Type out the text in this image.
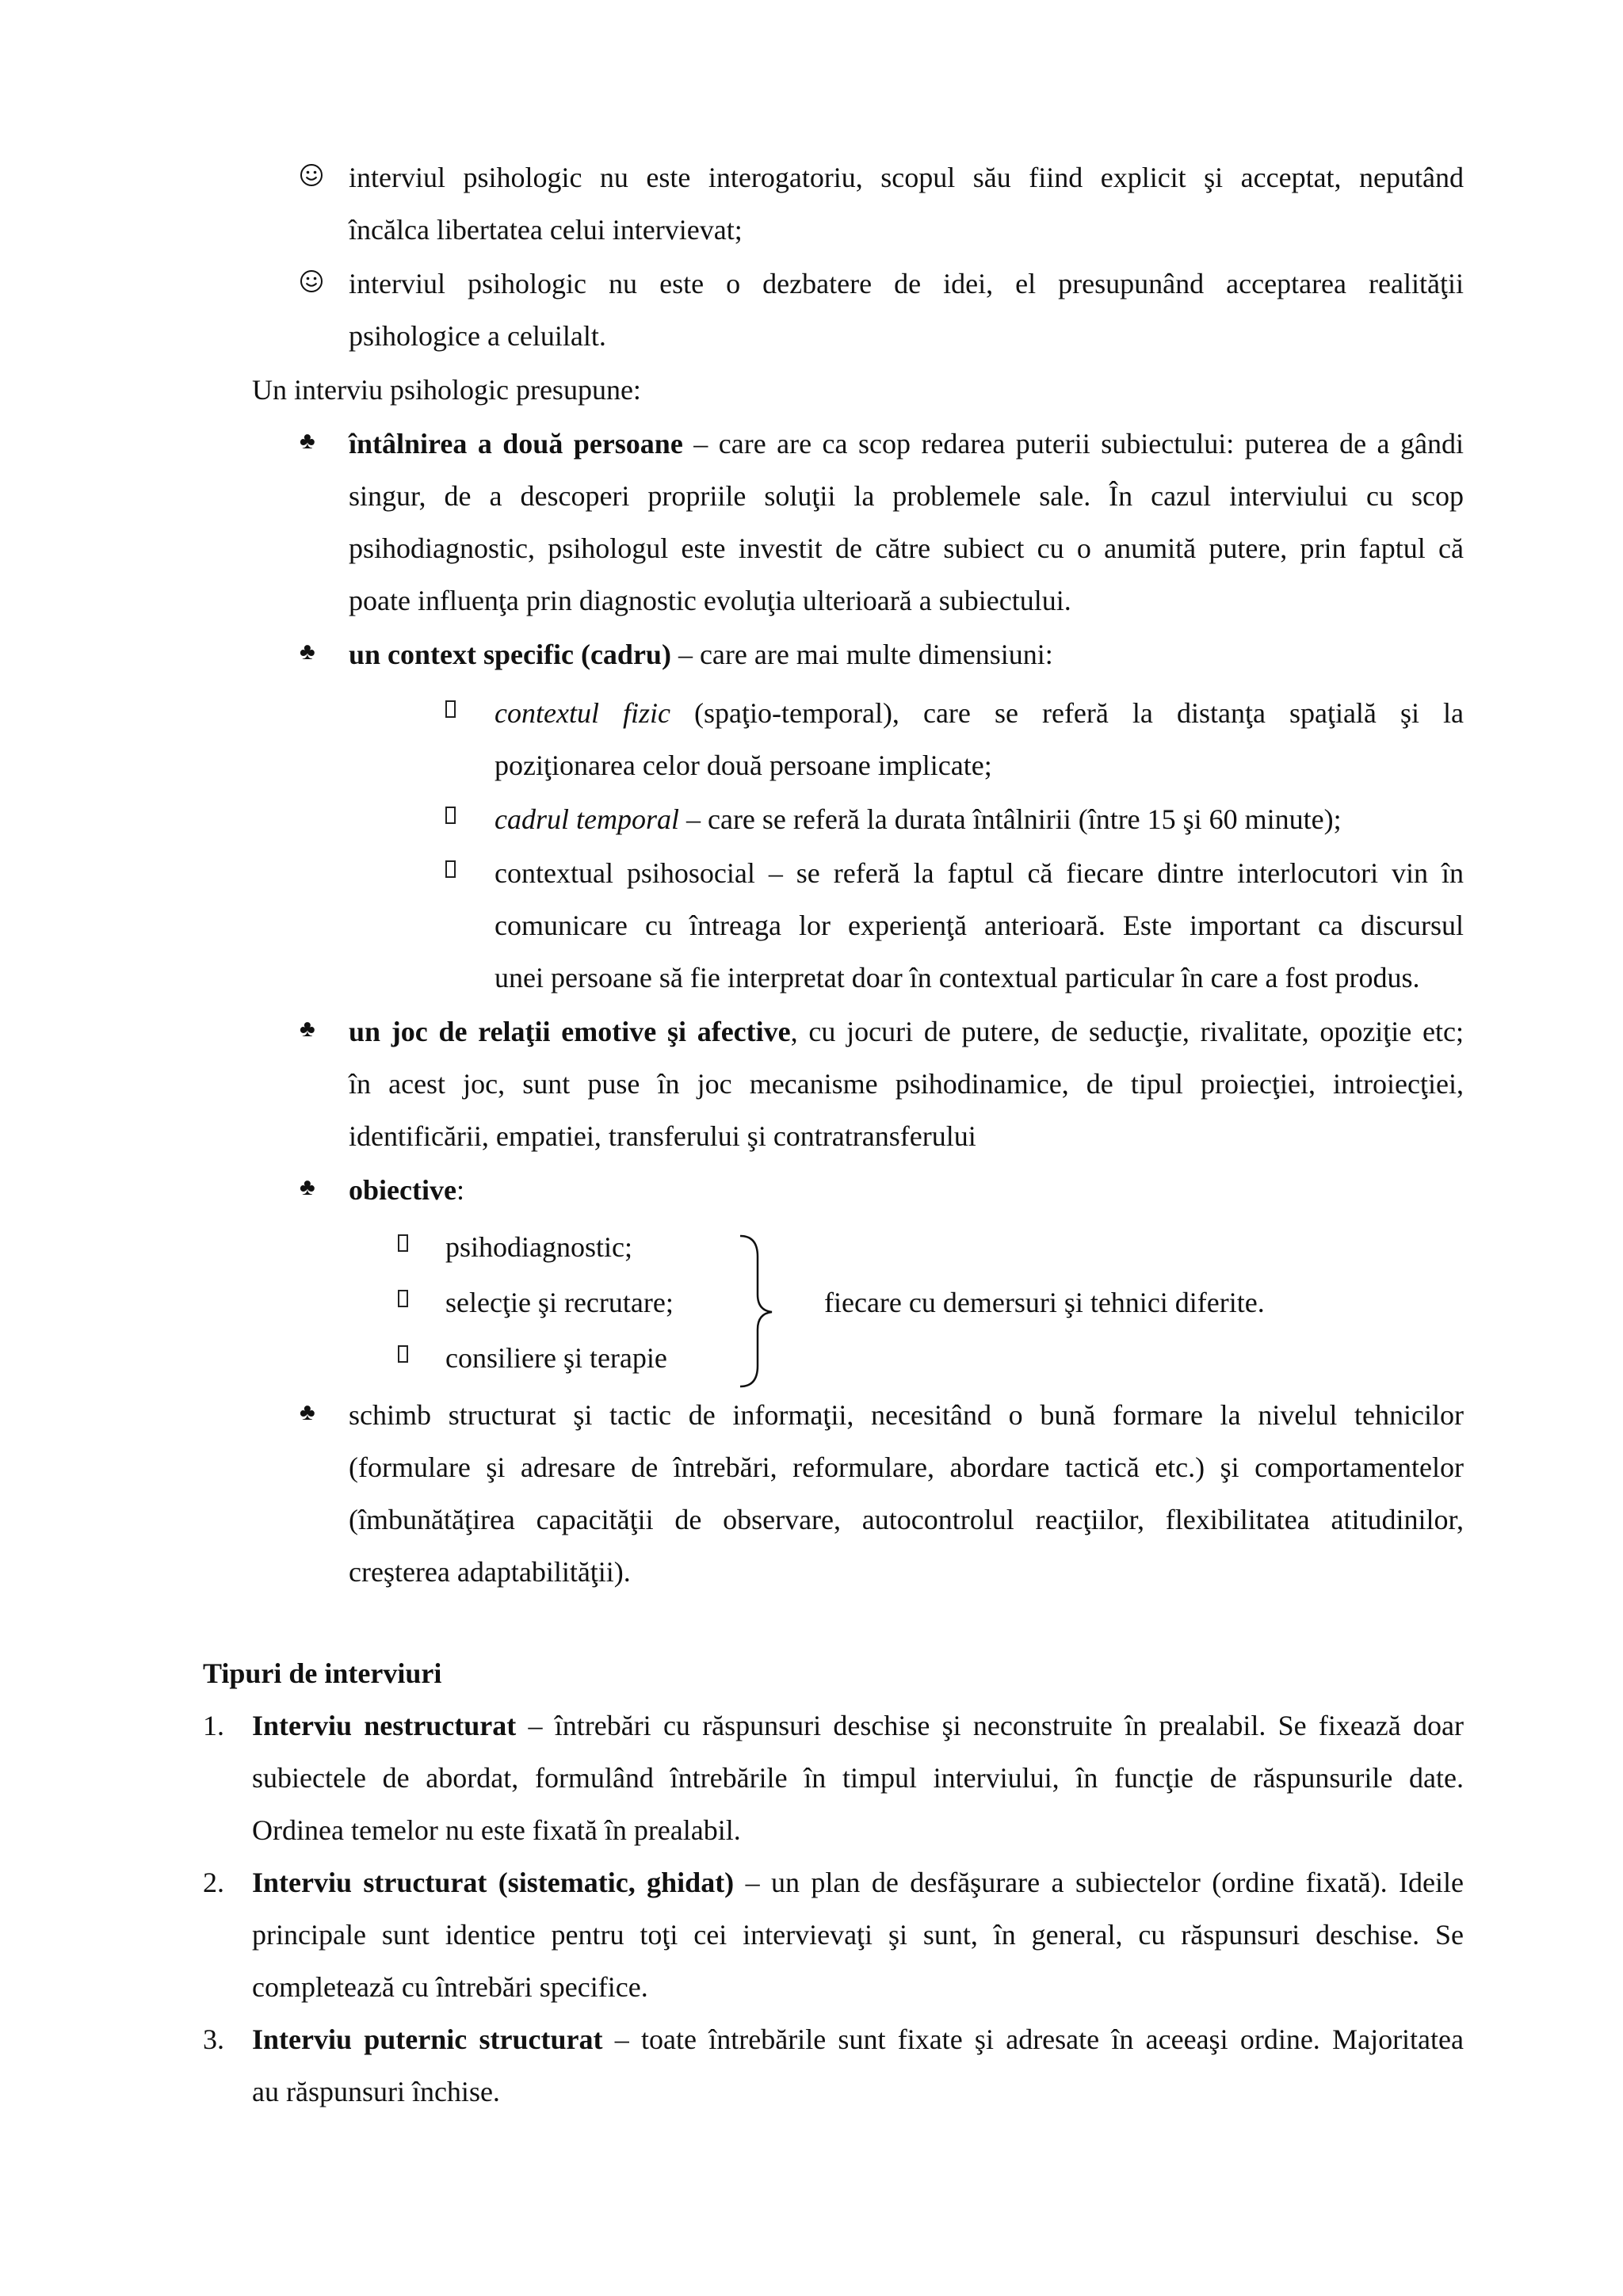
interviul psihologic nu este interogatoriu, scopul său fiind explicit şi acceptat, neputând
încălca libertatea celui intervievat;
interviul psihologic nu este o dezbatere de idei, el presupunând acceptarea realităţii
psihologice a celuilalt.
Un interviu psihologic presupune:
♣ întâlnirea a două persoane – care are ca scop redarea puterii subiectului: puterea de a gândi
singur, de a descoperi propriile soluţii la problemele sale. În cazul interviului cu scop
psihodiagnostic, psihologul este investit de către subiect cu o anumită putere, prin faptul că
poate influenţa prin diagnostic evoluţia ulterioară a subiectului.
♣ un context specific (cadru) – care are mai multe dimensiuni:
contextul fizic (spaţio-temporal), care se referă la distanţa spaţială şi la
poziţionarea celor două persoane implicate;
cadrul temporal – care se referă la durata întâlnirii (între 15 şi 60 minute);
contextual psihosocial – se referă la faptul că fiecare dintre interlocutori vin în
comunicare cu întreaga lor experienţă anterioară. Este important ca discursul
unei persoane să fie interpretat doar în contextual particular în care a fost produs.
♣ un joc de relaţii emotive şi afective, cu jocuri de putere, de seducţie, rivalitate, opoziţie etc;
în acest joc, sunt puse în joc mecanisme psihodinamice, de tipul proiecţiei, introiecţiei,
identificării, empatiei, transferului şi contratransferului
♣ obiective:
psihodiagnostic;
selecţie şi recrutare;
consiliere şi terapie
fiecare cu demersuri şi tehnici diferite.
♣ schimb structurat şi tactic de informaţii, necesitând o bună formare la nivelul tehnicilor
(formulare şi adresare de întrebări, reformulare, abordare tactică etc.) şi comportamentelor
(îmbunătăţirea capacităţii de observare, autocontrolul reacţiilor, flexibilitatea atitudinilor,
creşterea adaptabilităţii).
Tipuri de interviuri
1. Interviu nestructurat – întrebări cu răspunsuri deschise şi neconstruite în prealabil. Se fixează doar
subiectele de abordat, formulând întrebările în timpul interviului, în funcţie de răspunsurile date.
Ordinea temelor nu este fixată în prealabil.
2. Interviu structurat (sistematic, ghidat) – un plan de desfăşurare a subiectelor (ordine fixată). Ideile
principale sunt identice pentru toţi cei intervievaţi şi sunt, în general, cu răspunsuri deschise. Se
completează cu întrebări specifice.
3. Interviu puternic structurat – toate întrebările sunt fixate şi adresate în aceeaşi ordine. Majoritatea
au răspunsuri închise.
